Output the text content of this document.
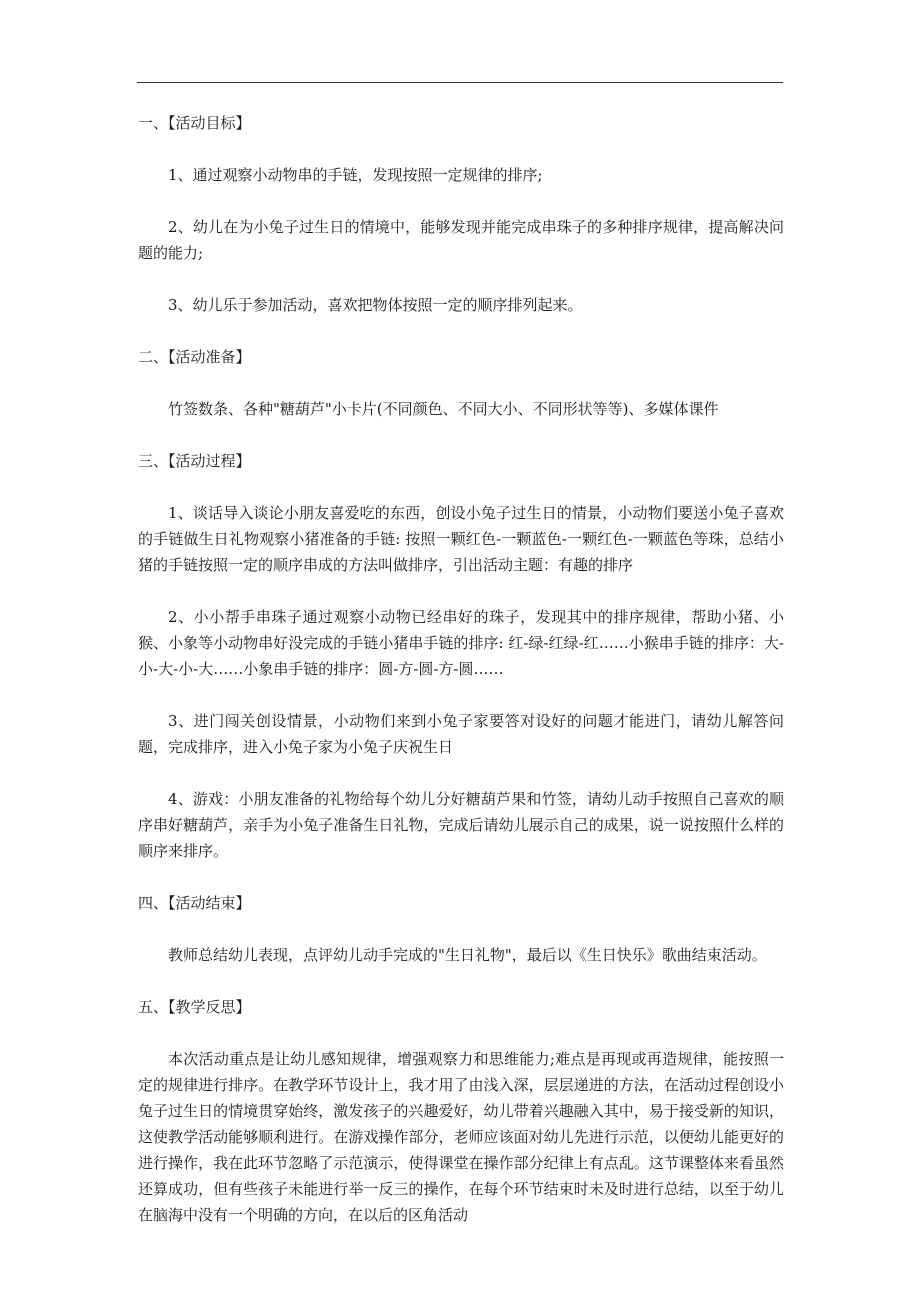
一、【活动目标】

1、通过观察小动物串的手链，发现按照一定规律的排序;

2、幼儿在为小兔子过生日的情境中，能够发现并能完成串珠子的多种排序规律，提高解决问题的能力;

3、幼儿乐于参加活动，喜欢把物体按照一定的顺序排列起来。

二、【活动准备】

竹签数条、各种"糖葫芦"小卡片(不同颜色、不同大小、不同形状等等)、多媒体课件

三、【活动过程】

1、谈话导入谈论小朋友喜爱吃的东西，创设小兔子过生日的情景，小动物们要送小兔子喜欢的手链做生日礼物观察小猪准备的手链: 按照一颗红色-一颗蓝色-一颗红色-一颗蓝色等珠，总结小猪的手链按照一定的顺序串成的方法叫做排序，引出活动主题：有趣的排序

2、小小帮手串珠子通过观察小动物已经串好的珠子，发现其中的排序规律，帮助小猪、小猴、小象等小动物串好没完成的手链小猪串手链的排序: 红-绿-红绿-红……小猴串手链的排序：大-小-大-小-大……小象串手链的排序：圆-方-圆-方-圆……

3、进门闯关创设情景，小动物们来到小兔子家要答对设好的问题才能进门，请幼儿解答问题，完成排序，进入小兔子家为小兔子庆祝生日

4、游戏：小朋友准备的礼物给每个幼儿分好糖葫芦果和竹签，请幼儿动手按照自己喜欢的顺序串好糖葫芦，亲手为小兔子准备生日礼物，完成后请幼儿展示自己的成果，说一说按照什么样的顺序来排序。

四、【活动结束】

教师总结幼儿表现，点评幼儿动手完成的"生日礼物"，最后以《生日快乐》歌曲结束活动。

五、【教学反思】

本次活动重点是让幼儿感知规律，增强观察力和思维能力;难点是再现或再造规律，能按照一定的规律进行排序。在教学环节设计上，我才用了由浅入深，层层递进的方法，在活动过程创设小兔子过生日的情境贯穿始终，激发孩子的兴趣爱好，幼儿带着兴趣融入其中，易于接受新的知识，这使教学活动能够顺利进行。在游戏操作部分，老师应该面对幼儿先进行示范，以便幼儿能更好的进行操作，我在此环节忽略了示范演示，使得课堂在操作部分纪律上有点乱。这节课整体来看虽然还算成功，但有些孩子未能进行举一反三的操作，在每个环节结束时未及时进行总结，以至于幼儿在脑海中没有一个明确的方向，在以后的区角活动
